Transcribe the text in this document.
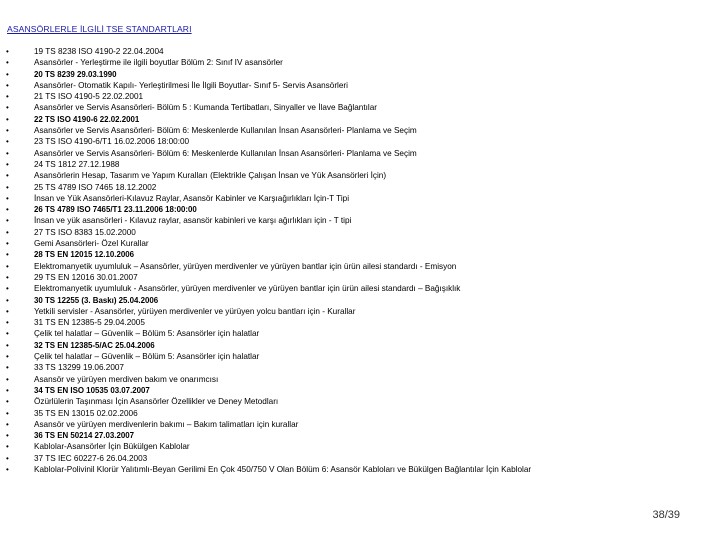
ASANSÖRLERLE İLGİLİ TSE STANDARTLARI
•	19 TS 8238 ISO 4190-2 22.04.2004
•	Asansörler - Yerleştirme ile ilgili boyutlar Bölüm 2: Sınıf IV asansörler
•	20 TS 8239 29.03.1990
•	Asansörler- Otomatik Kapılı- Yerleştirilmesi İle İlgili Boyutlar- Sınıf 5- Servis Asansörleri
•	21 TS ISO 4190-5 22.02.2001
•	Asansörler ve Servis Asansörleri- Bölüm 5 : Kumanda Tertibatları, Sinyaller ve İlave Bağlantılar
•	22 TS ISO 4190-6 22.02.2001
•	Asansörler ve Servis Asansörleri- Bölüm 6: Meskenlerde Kullanılan İnsan Asansörleri- Planlama ve Seçim
•	23 TS ISO 4190-6/T1 16.02.2006 18:00:00
•	Asansörler ve Servis Asansörleri- Bölüm 6: Meskenlerde Kullanılan İnsan Asansörleri- Planlama ve Seçim
•	24 TS 1812 27.12.1988
•	Asansörlerin Hesap, Tasarım ve Yapım Kuralları (Elektrikle Çalışan İnsan ve Yük Asansörleri İçin)
•	25 TS 4789 ISO 7465 18.12.2002
•	İnsan ve Yük Asansörleri-Kılavuz Raylar, Asansör Kabinler ve Karşıağırlıkları İçin-T Tipi
•	26 TS 4789 ISO 7465/T1 23.11.2006 18:00:00
•	İnsan ve yük asansörleri - Kılavuz raylar, asansör kabinleri ve karşı ağırlıkları için - T tipi
•	27 TS ISO 8383 15.02.2000
•	Gemi Asansörleri- Özel Kurallar
•	28 TS EN 12015 12.10.2006
•	Elektromanyetik uyumluluk – Asansörler, yürüyen merdivenler ve yürüyen bantlar için ürün ailesi standardı - Emisyon
•	29 TS EN 12016 30.01.2007
•	Elektromanyetik uyumluluk - Asansörler, yürüyen merdivenler ve yürüyen bantlar için ürün ailesi standardı – Bağışıklık
•	30 TS 12255 (3. Baskı) 25.04.2006
•	Yetkili servisler - Asansörler, yürüyen merdivenler ve yürüyen yolcu bantları için - Kurallar
•	31 TS EN 12385-5 29.04.2005
•	Çelik tel halatlar – Güvenlik – Bölüm 5: Asansörler için halatlar
•	32 TS EN 12385-5/AC 25.04.2006
•	Çelik tel halatlar – Güvenlik – Bölüm 5: Asansörler için halatlar
•	33 TS 13299 19.06.2007
•	Asansör ve yürüyen merdiven bakım ve onarımcısı
•	34 TS EN ISO 10535 03.07.2007
•	Özürlülerin Taşınması İçin Asansörler Özellikler ve Deney Metodları
•	35 TS EN 13015 02.02.2006
•	Asansör ve yürüyen merdivenlerin bakımı – Bakım talimatları için kurallar
•	36 TS EN 50214 27.03.2007
•	Kablolar-Asansörler İçin Bükülgen Kablolar
•	37 TS IEC 60227-6 26.04.2003
•	Kablolar-Polivinil Klorür Yalıtımlı-Beyan Gerilimi En Çok 450/750 V Olan Bölüm 6: Asansör Kabloları ve Bükülgen Bağlantılar İçin Kablolar
38/39
